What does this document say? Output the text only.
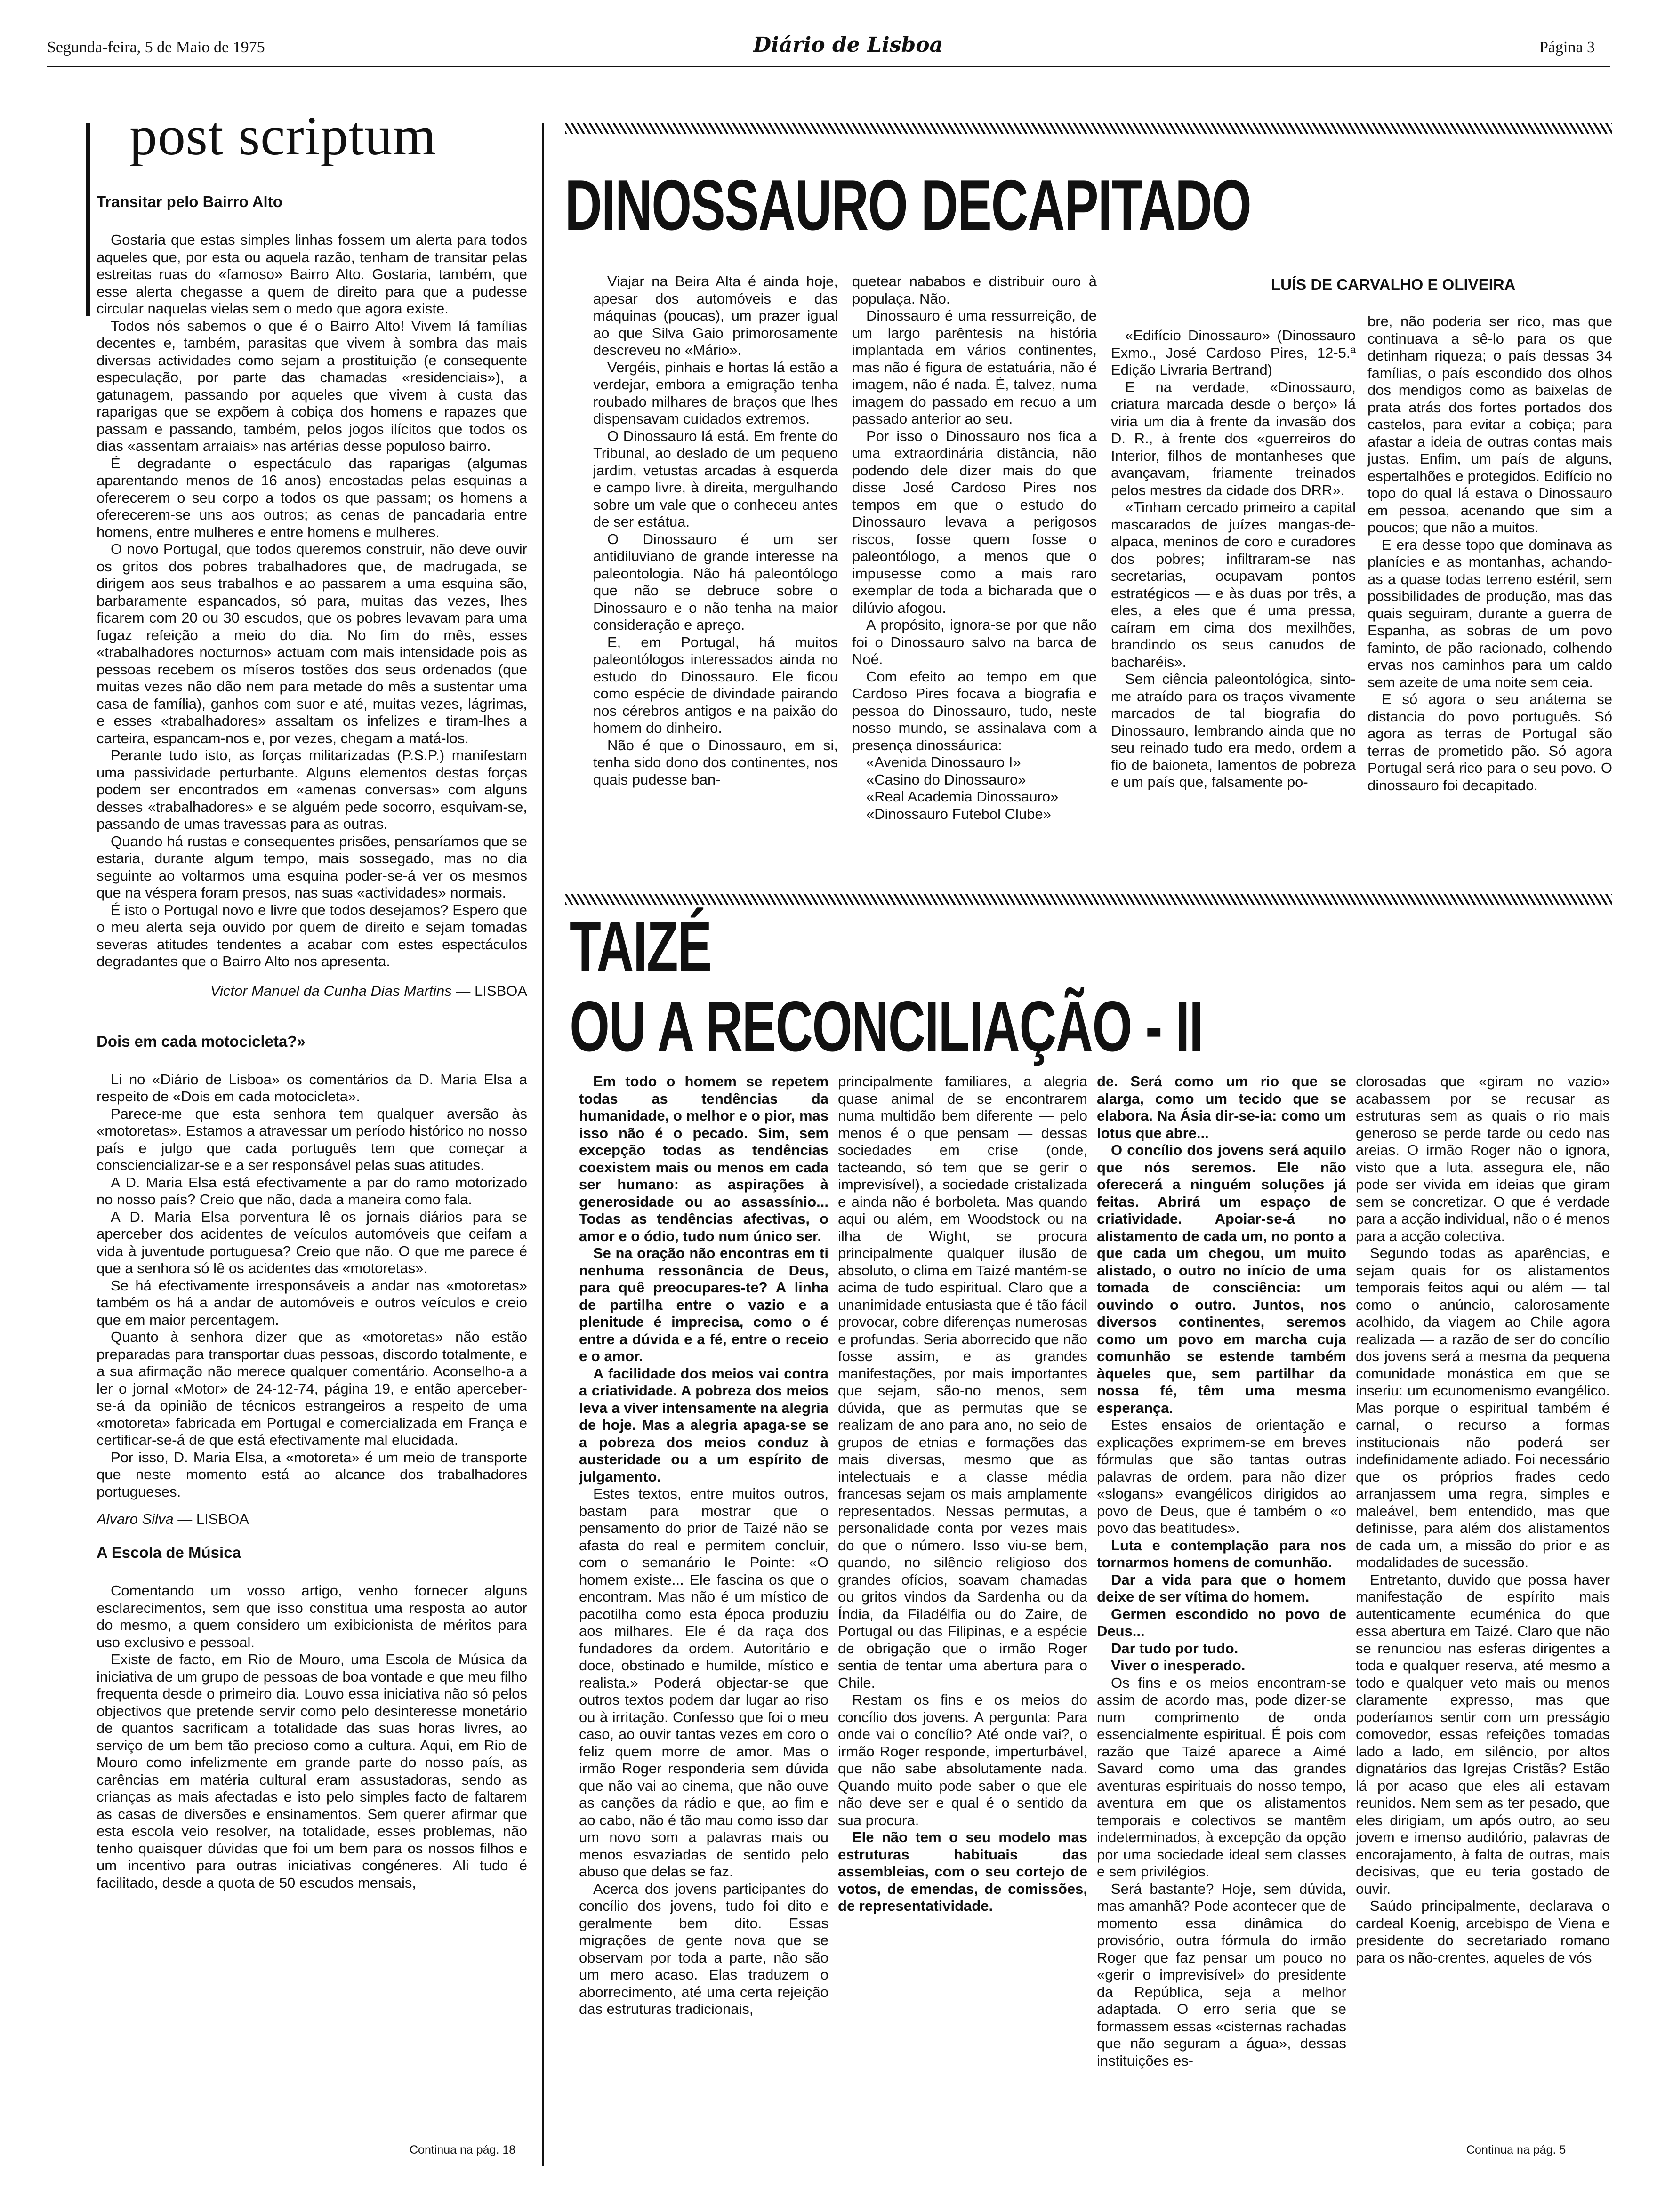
Segunda-feira, 5 de Maio de 1975	Diário de Lisboa	Página 3
post scriptum
Transitar pelo Bairro Alto

Gostaria que estas simples linhas fossem um alerta para todos aqueles que, por esta ou aquela razão, tenham de transitar pelas estreitas ruas do «famoso» Bairro Alto. Gostaria, também, que esse alerta chegasse a quem de direito para que a pudesse circular naquelas vielas sem o medo que agora existe.

Todos nós sabemos o que é o Bairro Alto! Vivem lá famílias decentes e, também, parasitas que vivem à sombra das mais diversas actividades como sejam a prostituição (e consequente especulação, por parte das chamadas «residenciais»), a gatunagem, passando por aqueles que vivem à custa das raparigas que se expõem à cobiça dos homens e rapazes que passam e passando, também, pelos jogos ilícitos que todos os dias «assentam arraiais» nas artérias desse populoso bairro.

É degradante o espectáculo das raparigas (algumas aparentando menos de 16 anos) encostadas pelas esquinas a oferecerem o seu corpo a todos os que passam; os homens a oferecerem-se uns aos outros; as cenas de pancadaria entre homens, entre mulheres e entre homens e mulheres.

O novo Portugal, que todos queremos construir, não deve ouvir os gritos dos pobres trabalhadores que, de madrugada, se dirigem aos seus trabalhos e ao passarem a uma esquina são, barbaramente espancados, só para, muitas das vezes, lhes ficarem com 20 ou 30 escudos, que os pobres levavam para uma fugaz refeição a meio do dia. No fim do mês, esses «trabalhadores nocturnos» actuam com mais intensidade pois as pessoas recebem os míseros tostões dos seus ordenados (que muitas vezes não dão nem para metade do mês a sustentar uma casa de família), ganhos com suor e até, muitas vezes, lágrimas, e esses «trabalhadores» assaltam os infelizes e tiram-lhes a carteira, espancam-nos e, por vezes, chegam a matá-los.

Perante tudo isto, as forças militarizadas (P.S.P.) manifestam uma passividade perturbante. Alguns elementos destas forças podem ser encontrados em «amenas conversas» com alguns desses «trabalhadores» e se alguém pede socorro, esquivam-se, passando de umas travessas para as outras.

Quando há rustas e consequentes prisões, pensaríamos que se estaria, durante algum tempo, mais sossegado, mas no dia seguinte ao voltarmos uma esquina poder-se-á ver os mesmos que na véspera foram presos, nas suas «actividades» normais.

É isto o Portugal novo e livre que todos desejamos? Espero que o meu alerta seja ouvido por quem de direito e sejam tomadas severas atitudes tendentes a acabar com estes espectáculos degradantes que o Bairro Alto nos apresenta.

Victor Manuel da Cunha Dias Martins — LISBOA
Dois em cada motocicleta?»

Li no «Diário de Lisboa» os comentários da D. Maria Elsa a respeito de «Dois em cada motocicleta».

Parece-me que esta senhora tem qualquer aversão às «motoretas». Estamos a atravessar um período histórico no nosso país e julgo que cada português tem que começar a consciencializar-se e a ser responsável pelas suas atitudes.

A D. Maria Elsa está efectivamente a par do ramo motorizado no nosso país? Creio que não, dada a maneira como fala.

A D. Maria Elsa porventura lê os jornais diários para se aperceber dos acidentes de veículos automóveis que ceifam a vida à juventude portuguesa? Creio que não. O que me parece é que a senhora só lê os acidentes das «motoretas».

Se há efectivamente irresponsáveis a andar nas «motoretas» também os há a andar de automóveis e outros veículos e creio que em maior percentagem.

Quanto à senhora dizer que as «motoretas» não estão preparadas para transportar duas pessoas, discordo totalmente, e a sua afirmação não merece qualquer comentário. Aconselho-a a ler o jornal «Motor» de 24-12-74, página 19, e então aperceber-se-á da opinião de técnicos estrangeiros a respeito de uma «motoreta» fabricada em Portugal e comercializada em França e certificar-se-á de que está efectivamente mal elucidada.

Por isso, D. Maria Elsa, a «motoreta» é um meio de transporte que neste momento está ao alcance dos trabalhadores portugueses.

Alvaro Silva — LISBOA
A Escola de Música

Comentando um vosso artigo, venho fornecer alguns esclarecimentos, sem que isso constitua uma resposta ao autor do mesmo, a quem considero um exibicionista de méritos para uso exclusivo e pessoal.

Existe de facto, em Rio de Mouro, uma Escola de Música da iniciativa de um grupo de pessoas de boa vontade e que meu filho frequenta desde o primeiro dia. Louvo essa iniciativa não só pelos objectivos que pretende servir como pelo desinteresse monetário de quantos sacrificam a totalidade das suas horas livres, ao serviço de um bem tão precioso como a cultura. Aqui, em Rio de Mouro como infelizmente em grande parte do nosso país, as carências em matéria cultural eram assustadoras, sendo as crianças as mais afectadas e isto pelo simples facto de faltarem as casas de diversões e ensinamentos. Sem querer afirmar que esta escola veio resolver, na totalidade, esses problemas, não tenho quaisquer dúvidas que foi um bem para os nossos filhos e um incentivo para outras iniciativas congéneres. Ali tudo é facilitado, desde a quota de 50 escudos mensais,

Continua na pág. 18
DINOSSAURO DECAPITADO
LUÍS DE CARVALHO E OLIVEIRA

Viajar na Beira Alta é ainda hoje, apesar dos automóveis e das máquinas (poucas), um prazer igual ao que Silva Gaio primorosamente descreveu no «Mário».

Vergéis, pinhais e hortas lá estão a verdejar, embora a emigração tenha roubado milhares de braços que lhes dispensavam cuidados extremos.

O Dinossauro lá está. Em frente do Tribunal, ao deslado de um pequeno jardim, vetustas arcadas à esquerda e campo livre, à direita, mergulhando sobre um vale que o conheceu antes de ser estátua.

O Dinossauro é um ser antidiluviano de grande interesse na paleontologia. Não há paleontólogo que não se debruce sobre o Dinossauro e o não tenha na maior consideração e apreço.

E, em Portugal, há muitos paleontólogos interessados ainda no estudo do Dinossauro. Ele ficou como espécie de divindade pairando nos cérebros antigos e na paixão do homem do dinheiro.

Não é que o Dinossauro, em si, tenha sido dono dos continentes, nos quais pudesse ban-

quetear nababos e distribuir ouro à populaça. Não.

Dinossauro é uma ressurreição, de um largo parêntesis na história implantada em vários continentes, mas não é figura de estatuária, não é imagem, não é nada. É, talvez, numa imagem do passado em recuo a um passado anterior ao seu.

Por isso o Dinossauro nos fica a uma extraordinária distância, não podendo dele dizer mais do que disse José Cardoso Pires nos tempos em que o estudo do Dinossauro levava a perigosos riscos, fosse quem fosse o paleontólogo, a menos que o impusesse como a mais raro exemplar de toda a bicharada que o dilúvio afogou.

A propósito, ignora-se por que não foi o Dinossauro salvo na barca de Noé.

Com efeito ao tempo em que Cardoso Pires focava a biografia e pessoa do Dinossauro, tudo, neste nosso mundo, se assinalava com a presença dinossáurica:

«Avenida Dinossauro I»

«Casino do Dinossauro»

«Real Academia Dinossauro»

«Dinossauro Futebol Clube»

«Edifício Dinossauro» (Dinossauro Exmo., José Cardoso Pires, 12-5.ª Edição Livraria Bertrand)

E na verdade, «Dinossauro, criatura marcada desde o berço» lá viria um dia à frente da invasão dos D. R., à frente dos «guerreiros do Interior, filhos de montanheses que avançavam, friamente treinados pelos mestres da cidade dos DRR».

«Tinham cercado primeiro a capital mascarados de juízes mangas-de-alpaca, meninos de coro e curadores dos pobres; infiltraram-se nas secretarias, ocupavam pontos estratégicos — e às duas por três, a eles, a eles que é uma pressa, caíram em cima dos mexilhões, brandindo os seus canudos de bacharéis».

Sem ciência paleontológica, sinto-me atraído para os traços vivamente marcados de tal biografia do Dinossauro, lembrando ainda que no seu reinado tudo era medo, ordem a fio de baioneta, lamentos de pobreza e um país que, falsamente po-

bre, não poderia ser rico, mas que continuava a sê-lo para os que detinham riqueza; o país dessas 34 famílias, o país escondido dos olhos dos mendigos como as baixelas de prata atrás dos fortes portados dos castelos, para evitar a cobiça; para afastar a ideia de outras contas mais justas. Enfim, um país de alguns, espertalhões e protegidos. Edifício no topo do qual lá estava o Dinossauro em pessoa, acenando que sim a poucos; que não a muitos.

E era desse topo que dominava as planícies e as montanhas, achando-as a quase todas terreno estéril, sem possibilidades de produção, mas das quais seguiram, durante a guerra de Espanha, as sobras de um povo faminto, de pão racionado, colhendo ervas nos caminhos para um caldo sem azeite de uma noite sem ceia.

E só agora o seu anátema se distancia do povo português. Só agora as terras de Portugal são terras de prometido pão. Só agora Portugal será rico para o seu povo. O dinossauro foi decapitado.

TAIZÉ
OU A RECONCILIAÇÃO - II

Em todo o homem se repetem todas as tendências da humanidade, o melhor e o pior, mas isso não é o pecado. Sim, sem excepção todas as tendências coexistem mais ou menos em cada ser humano: as aspirações à generosidade ou ao assassínio... Todas as tendências afectivas, o amor e o ódio, tudo num único ser.

Se na oração não encontras em ti nenhuma ressonância de Deus, para quê preocupares-te? A linha de partilha entre o vazio e a plenitude é imprecisa, como o é entre a dúvida e a fé, entre o receio e o amor.

A facilidade dos meios vai contra a criatividade. A pobreza dos meios leva a viver intensamente na alegria de hoje. Mas a alegria apaga-se se a pobreza dos meios conduz à austeridade ou a um espírito de julgamento.

Estes textos, entre muitos outros, bastam para mostrar que o pensamento do prior de Taizé não se afasta do real e permitem concluir, com o semanário le Pointe: «O homem existe... Ele fascina os que o encontram. Mas não é um místico de pacotilha como esta época produziu aos milhares. Ele é da raça dos fundadores da ordem. Autoritário e doce, obstinado e humilde, místico e realista.» Poderá objectar-se que outros textos podem dar lugar ao riso ou à irritação. Confesso que foi o meu caso, ao ouvir tantas vezes em coro o feliz quem morre de amor. Mas o irmão Roger responderia sem dúvida que não vai ao cinema, que não ouve as canções da rádio e que, ao fim e ao cabo, não é tão mau como isso dar um novo som a palavras mais ou menos esvaziadas de sentido pelo abuso que delas se faz.

Acerca dos jovens participantes do concílio dos jovens, tudo foi dito e geralmente bem dito. Essas migrações de gente nova que se observam por toda a parte, não são um mero acaso. Elas traduzem o aborrecimento, até uma certa rejeição das estruturas tradicionais,

principalmente familiares, a alegria quase animal de se encontrarem numa multidão bem diferente — pelo menos é o que pensam — dessas sociedades em crise (onde, tacteando, só tem que se gerir o imprevisível), a sociedade cristalizada e ainda não é borboleta. Mas quando aqui ou além, em Woodstock ou na ilha de Wight, se procura principalmente qualquer ilusão de absoluto, o clima em Taizé mantém-se acima de tudo espiritual. Claro que a unanimidade entusiasta que é tão fácil provocar, cobre diferenças numerosas e profundas. Seria aborrecido que não fosse assim, e as grandes manifestações, por mais importantes que sejam, são-no menos, sem dúvida, que as permutas que se realizam de ano para ano, no seio de grupos de etnias e formações das mais diversas, mesmo que as intelectuais e a classe média francesas sejam os mais amplamente representados. Nessas permutas, a personalidade conta por vezes mais do que o número. Isso viu-se bem, quando, no silêncio religioso dos grandes ofícios, soavam chamadas ou gritos vindos da Sardenha ou da Índia, da Filadélfia ou do Zaire, de Portugal ou das Filipinas, e a espécie de obrigação que o irmão Roger sentia de tentar uma abertura para o Chile.

Restam os fins e os meios do concílio dos jovens. A pergunta: Para onde vai o concílio? Até onde vai?, o irmão Roger responde, imperturbável, que não sabe absolutamente nada. Quando muito pode saber o que ele não deve ser e qual é o sentido da sua procura.

Ele não tem o seu modelo mas estruturas habituais das assembleias, com o seu cortejo de votos, de emendas, de comissões, de representatividade.

de. Será como um rio que se alarga, como um tecido que se elabora. Na Ásia dir-se-ia: como um lotus que abre...

O concílio dos jovens será aquilo que nós seremos. Ele não oferecerá a ninguém soluções já feitas. Abrirá um espaço de criatividade. Apoiar-se-á no alistamento de cada um, no ponto a que cada um chegou, um muito alistado, o outro no início de uma tomada de consciência: um ouvindo o outro. Juntos, nos diversos continentes, seremos como um povo em marcha cuja comunhão se estende também àqueles que, sem partilhar da nossa fé, têm uma mesma esperança.

Estes ensaios de orientação e explicações exprimem-se em breves fórmulas que são tantas outras palavras de ordem, para não dizer «slogans» evangélicos dirigidos ao povo de Deus, que é também o «o povo das beatitudes».

Luta e contemplação para nos tornarmos homens de comunhão.

Dar a vida para que o homem deixe de ser vítima do homem.

Germen escondido no povo de Deus...

Dar tudo por tudo.

Viver o inesperado.

Os fins e os meios encontram-se assim de acordo mas, pode dizer-se num comprimento de onda essencialmente espiritual. É pois com razão que Taizé aparece a Aimé Savard como uma das grandes aventuras espirituais do nosso tempo, aventura em que os alistamentos temporais e colectivos se mantêm indeterminados, à excepção da opção por uma sociedade ideal sem classes e sem privilégios.

Será bastante? Hoje, sem dúvida, mas amanhã? Pode acontecer que de momento essa dinâmica do provisório, outra fórmula do irmão Roger que faz pensar um pouco no «gerir o imprevisível» do presidente da República, seja a melhor adaptada. O erro seria que se formassem essas «cisternas rachadas que não seguram a água», dessas instituições es-

clorosadas que «giram no vazio» acabassem por se recusar as estruturas sem as quais o rio mais generoso se perde tarde ou cedo nas areias. O irmão Roger não o ignora, visto que a luta, assegura ele, não pode ser vivida em ideias que giram sem se concretizar. O que é verdade para a acção individual, não o é menos para a acção colectiva.

Segundo todas as aparências, e sejam quais for os alistamentos temporais feitos aqui ou além — tal como o anúncio, calorosamente acolhido, da viagem ao Chile agora realizada — a razão de ser do concílio dos jovens será a mesma da pequena comunidade monástica em que se inseriu: um ecunomenismo evangélico. Mas porque o espiritual também é carnal, o recurso a formas institucionais não poderá ser indefinidamente adiado. Foi necessário que os próprios frades cedo arranjassem uma regra, simples e maleável, bem entendido, mas que definisse, para além dos alistamentos de cada um, a missão do prior e as modalidades de sucessão.

Entretanto, duvido que possa haver manifestação de espírito mais autenticamente ecuménica do que essa abertura em Taizé. Claro que não se renunciou nas esferas dirigentes a toda e qualquer reserva, até mesmo a todo e qualquer veto mais ou menos claramente expresso, mas que poderíamos sentir com um presságio comovedor, essas refeições tomadas lado a lado, em silêncio, por altos dignatários das Igrejas Cristãs? Estão lá por acaso que eles ali estavam reunidos. Nem sem as ter pesado, que eles dirigiam, um após outro, ao seu jovem e imenso auditório, palavras de encorajamento, à falta de outras, mais decisivas, que eu teria gostado de ouvir.

Saúdo principalmente, declarava o cardeal Koenig, arcebispo de Viena e presidente do secretariado romano para os não-crentes, aqueles de vós

Continua na pág. 5
